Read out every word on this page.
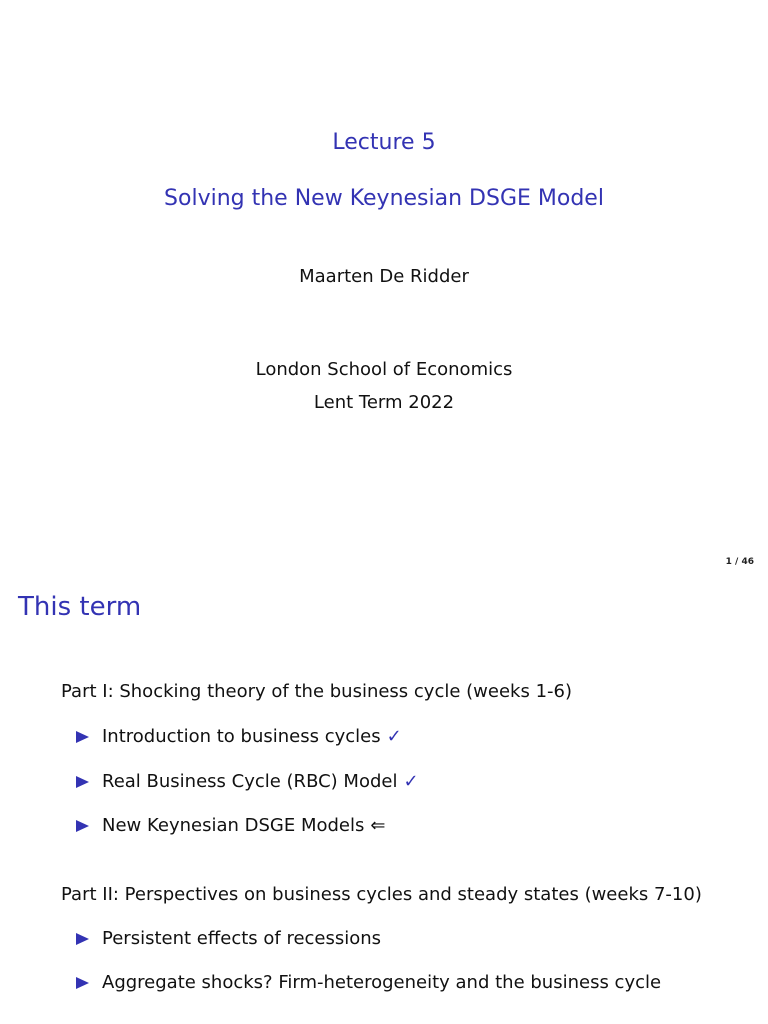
Lecture 5
Solving the New Keynesian DSGE Model
Maarten De Ridder
London School of Economics
Lent Term 2022
1 / 46
This term
Part I: Shocking theory of the business cycle (weeks 1-6)
Introduction to business cycles ✓
Real Business Cycle (RBC) Model ✓
New Keynesian DSGE Models ⇐
Part II: Perspectives on business cycles and steady states (weeks 7-10)
Persistent effects of recessions
Aggregate shocks? Firm-heterogeneity and the business cycle
